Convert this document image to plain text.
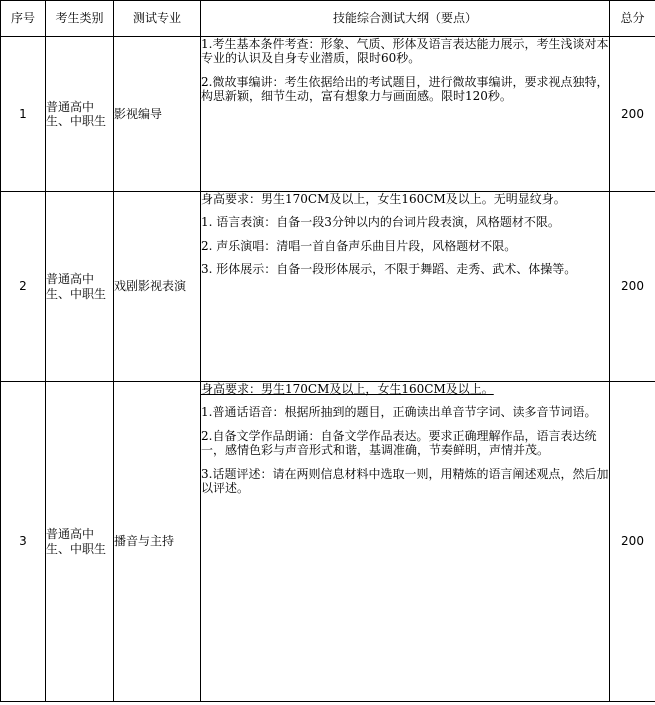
序号	考生类别	测试专业	技能综合测试大纲（要点）	总分
1	普通高中生、中职生	影视编导	1.考生基本条件考查：形象、气质、形体及语言表达能力展示，考生浅谈对本专业的认识及自身专业潜质，限时60秒。

2.微故事编讲：考生依据给出的考试题目，进行微故事编讲，要求视点独特，构思新颖，细节生动，富有想象力与画面感。限时120秒。	200
2	普通高中生、中职生	戏剧影视表演	身高要求：男生170CM及以上，女生160CM及以上。无明显纹身。

1. 语言表演：自备一段3分钟以内的台词片段表演，风格题材不限。

2. 声乐演唱：清唱一首自备声乐曲目片段，风格题材不限。

3. 形体展示：自备一段形体展示，不限于舞蹈、走秀、武术、体操等。	200
3	普通高中生、中职生	播音与主持	身高要求：男生170CM及以上，女生160CM及以上。

1.普通话语音：根据所抽到的题目，正确读出单音节字词、读多音节词语。

2.自备文学作品朗诵：自备文学作品表达。要求正确理解作品，语言表达统一，感情色彩与声音形式和谐，基调准确，节奏鲜明，声情并茂。

3.话题评述：请在两则信息材料中选取一则，用精炼的语言阐述观点，然后加以评述。	200
